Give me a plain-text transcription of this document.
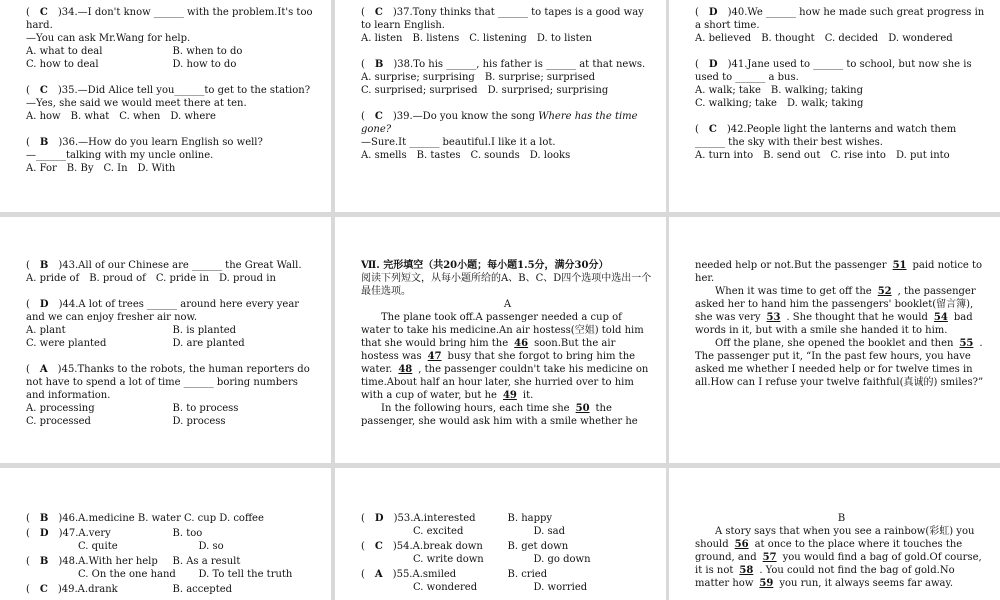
(　C　)34.—I don't know ______ with the problem.It's too hard.

—You can ask Mr.Wang for help.

A. what to deal	B. when to do
C. how to deal	D. how to do

(　C　)35.—Did Alice tell you______to get to the station?

—Yes, she said we would meet there at ten.

A. how　 B. what　 C. when　 D. where

(　B　)36.—How do you learn English so well?

—______talking with my uncle online.

A. For　 B. By　 C. In　 D. With

(　C　)37.Tony thinks that ______ to tapes is a good way to learn English.

A. listen　 B. listens　 C. listening　 D. to listen

(　B　)38.To his ______, his father is ______ at that news.

A. surprise; surprising　 B. surprise; surprised

C. surprised; surprised　 D. surprised; surprising

(　C　)39.—Do you know the song Where has the time gone?

—Sure.It ______ beautiful.I like it a lot.

A. smells　 B. tastes　 C. sounds　 D. looks

(　D　)40.We ______ how he made such great progress in a short time.

A. believed　 B. thought　 C. decided　 D. wondered

(　D　)41.Jane used to ______ to school, but now she is used to ______ a bus.

A. walk; take　 B. walking; taking

C. walking; take　 D. walk; taking

(　C　)42.People light the lanterns and watch them ______ the sky with their best wishes.

A. turn into　 B. send out　 C. rise into　 D. put into

(　B　)43.All of our Chinese are ______ the Great Wall.

A. pride of　 B. proud of　 C. pride in　 D. proud in

(　D　)44.A lot of trees ______ around here every year and we can enjoy fresher air now.

A. plant	B. is planted
C. were planted	D. are planted

(　A　)45.Thanks to the robots, the human reporters do not have to spend a lot of time ______ boring numbers and information.

A. processing	B. to process
C. processed	D. process

Ⅶ. 完形填空（共20小题；每小题1.5分，满分30分）

阅读下列短文，从每小题所给的A、B、C、D四个选项中选出一个最佳选项。

A

The plane took off.A passenger needed a cup of water to take his medicine.An air hostess(空姐) told him that she would bring him the 46 soon.But the air hostess was 47 busy that she forgot to bring him the water. 48 , the passenger couldn't take his medicine on time.About half an hour later, she hurried over to him with a cup of water, but he 49 it.

In the following hours, each time she 50 the passenger, she would ask him with a smile whether he

needed help or not.But the passenger 51 paid notice to her.

When it was time to get off the 52 , the passenger asked her to hand him the passengers' booklet(留言簿), she was very 53 . She thought that he would 54 bad words in it, but with a smile she handed it to him.

Off the plane, she opened the booklet and then 55 . The passenger put it, “In the past few hours, you have asked me whether I needed help or for twelve times in all.How can I refuse your twelve faithful(真诚的) smiles?”

(　B　)46.A.medicine B. water C. cup D. coffee

(　D　)47.A.very	B. too
C. quite	D. so
(　B　)48.A.With her help	B. As a result
C. On the one hand	D. To tell the truth
(　C　)49.A.drank	B. accepted
(　D　)53.A.interested	B. happy
C. excited	D. sad
(　C　)54.A.break down	B. get down
C. write down	D. go down
(　A　)55.A.smiled	B. cried
C. wondered	D. worried

B

A story says that when you see a rainbow(彩虹) you should 56 at once to the place where it touches the ground, and 57 you would find a bag of gold.Of course, it is not 58 . You could not find the bag of gold.No matter how 59 you run, it always seems far away.
